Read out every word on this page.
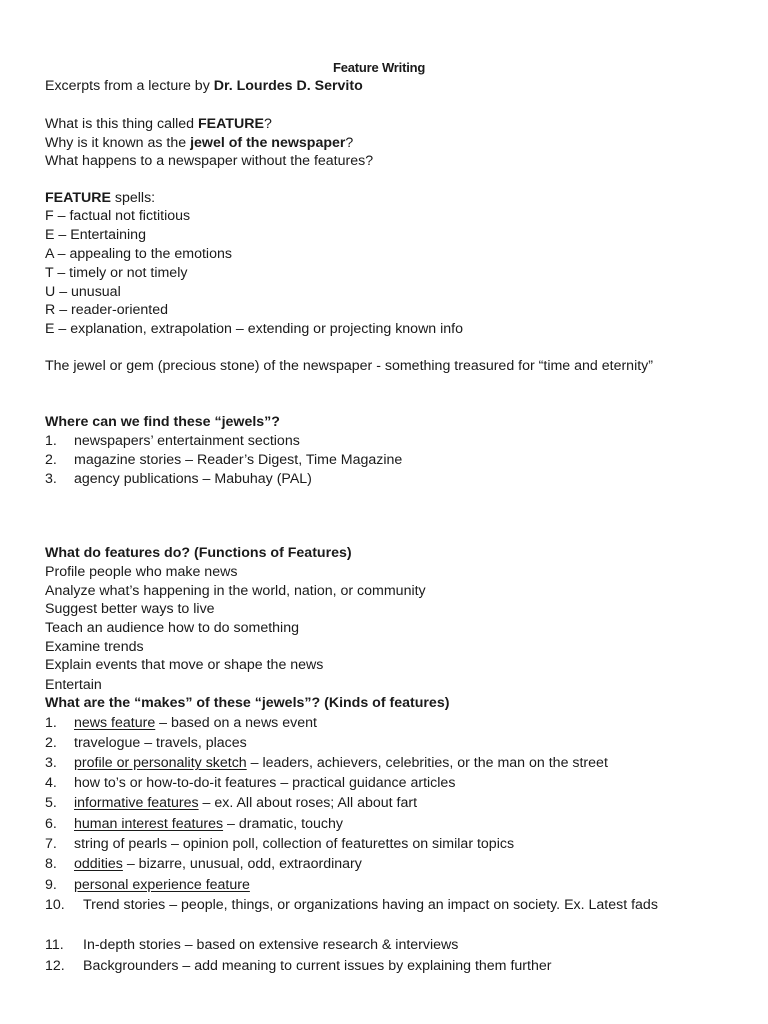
Feature Writing
Excerpts from a lecture by Dr. Lourdes D. Servito
What is this thing called FEATURE?
Why is it known as the jewel of the newspaper?
What happens to a newspaper without the features?
FEATURE spells:
F – factual not fictitious
E – Entertaining
A – appealing to the emotions
T – timely or not timely
U – unusual
R – reader-oriented
E – explanation, extrapolation – extending or projecting known info
The jewel or gem (precious stone) of the newspaper - something treasured for “time and eternity”
Where can we find these “jewels”?
1. newspapers’ entertainment sections
2. magazine stories – Reader’s Digest, Time Magazine
3. agency publications – Mabuhay (PAL)
What do features do? (Functions of Features)
Profile people who make news
Analyze what’s happening in the world, nation, or community
Suggest better ways to live
Teach an audience how to do something
Examine trends
Explain events that move or shape the news
Entertain
What are the “makes” of these “jewels”? (Kinds of features)
1. news feature – based on a news event
2. travelogue – travels, places
3. profile or personality sketch – leaders, achievers, celebrities, or the man on the street
4. how to’s or how-to-do-it features – practical guidance articles
5. informative features – ex. All about roses; All about fart
6. human interest features – dramatic, touchy
7. string of pearls – opinion poll, collection of featurettes on similar topics
8. oddities – bizarre, unusual, odd, extraordinary
9. personal experience feature
10.	Trend stories – people, things, or organizations having an impact on society. Ex. Latest fads
11. In-depth stories – based on extensive research & interviews
12. Backgrounders – add meaning to current issues by explaining them further
